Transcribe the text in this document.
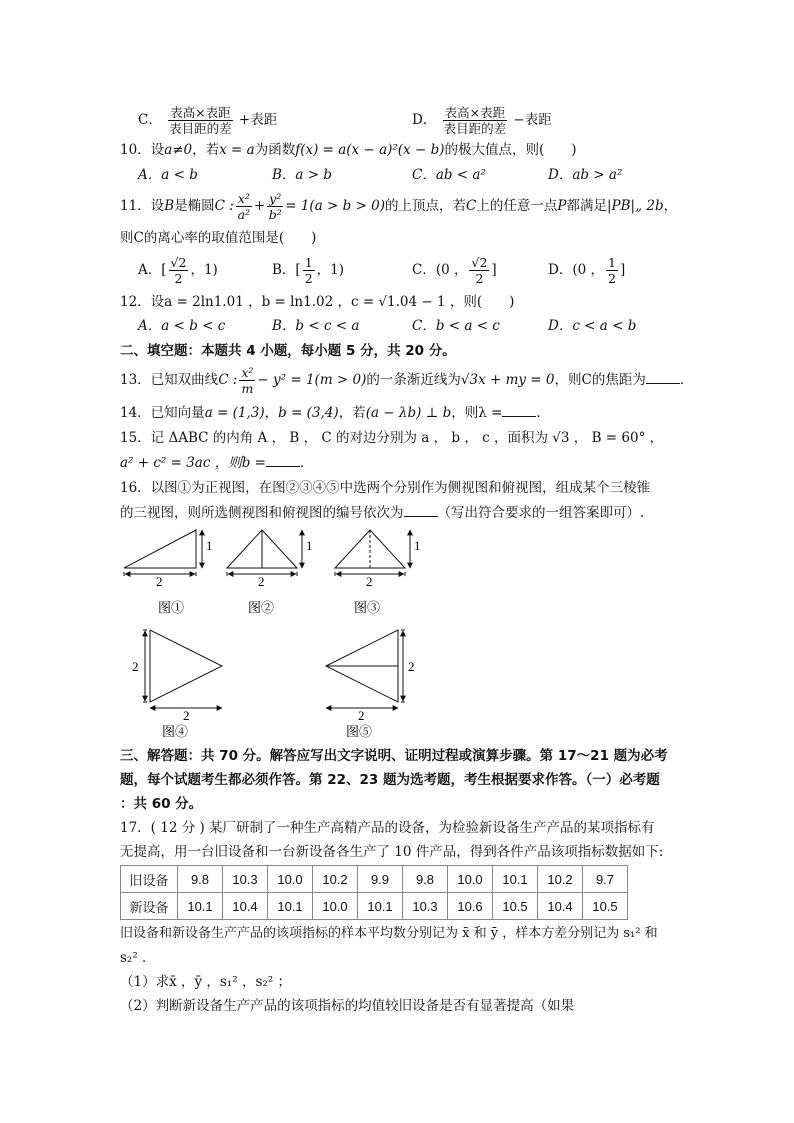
C． $\frac{\text{表高×表距}}{\text{表目距的差}}$ +表距	D． $\frac{\text{表高×表距}}{\text{表目距的差}}$ −表距
10．设a≠0，若x = a为函数f(x) = a(x − a)²(x − b)的极大值点，则(　　)
A．a < b	B．a > b	C．ab < a²	D．ab > a²
11．设B是椭圆C : $\frac{\text{x²}}{\text{a²}} + \frac{\text{y²}}{\text{b²}} = 1(a > b > 0)$的上顶点，若C上的任意一点P都满足|PB|„ 2b，
则C的离心率的取值范围是(　　)
A．[ $\frac{√2}{2}$ ，1)	B．[ $\frac{1}{2}$ ，1)	C．(0 ， $\frac{√2}{2}$ ]	D．(0 ， $\frac{1}{2}$ ]
12．设a = 2ln1.01 ，b = ln1.02 ，c = √1.04 − 1 ，则(　　)
A．a < b < c	B．b < c < a	C．b < a < c	D．c < a < b
二、填空题：本题共 4 小题，每小题 5 分，共 20 分。
13．已知双曲线C : $\frac{\text{x²}}{m} - y^2 = 1(m > 0)$的一条渐近线为√3x + my = 0，则C的焦距为	．
14．已知向量a = (1,3)，b = (3,4)，若(a − λb) ⊥ b，则λ =	．
15．记 ΔABC 的内角 A ， B ， C 的对边分别为 a ， b ， c ，面积为 √3 ， B = 60° ，
a² + c² = 3ac ，则b =	．
16．以图①为正视图，在图②③④⑤中选两个分别作为侧视图和俯视图，组成某个三棱锥
的三视图，则所选侧视图和俯视图的编号依次为	（写出符合要求的一组答案即可）.
2
1
2
1
2
1
图①	图②	图③
2
2
2
2
图④	图⑤
三、解答题：共 70 分。解答应写出文字说明、证明过程或演算步骤。第 17～21 题为必考
题，每个试题考生都必须作答。第 22、23 题为选考题，考生根据要求作答。（一）必考题
：共 60 分。
17．( 12 分 ) 某厂研制了一种生产高精产品的设备，为检验新设备生产产品的某项指标有
无提高，用一台旧设备和一台新设备各生产了 10 件产品，得到各件产品该项指标数据如下:
旧设备	9.8	10.3	10.0	10.2	9.9	9.8	10.0	10.1	10.2	9.7
新设备	10.1	10.4	10.1	10.0	10.1	10.3	10.6	10.5	10.4	10.5
旧设备和新设备生产产品的该项指标的样本平均数分别记为 x̄ 和 ȳ ，样本方差分别记为 s₁² 和
s₂² ．
（1）求x̄ ，ȳ ，s₁² ，s₂² ；
（2）判断新设备生产产品的该项指标的均值较旧设备是否有显著提高（如果
